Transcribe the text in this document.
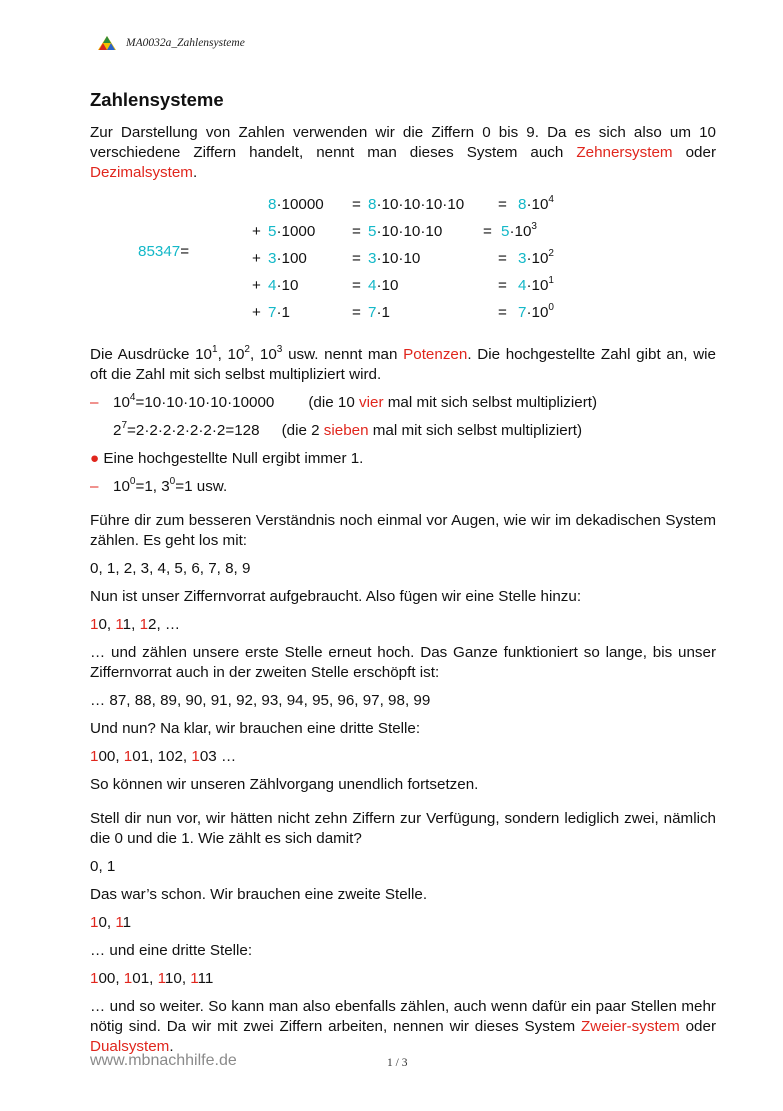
MA0032a_Zahlensysteme
Zahlensysteme

Zur Darstellung von Zahlen verwenden wir die Ziffern 0 bis 9. Da es sich also um 10 verschiedene Ziffern handelt, nennt man dieses System auch Zehnersystem oder Dezimalsystem.

85347=
$8\cdot 10000 = 8\cdot 10\cdot 10\cdot 10\cdot 10 = 8\cdot 10^4$
+ 5·1000 = 5·10·10·10	= $5\cdot 10^3$
+ 3·100	= 3·10·10	= $3\cdot 10^2$
+ 4·10	= 4·10	= $4\cdot 10^1$
+ 7·1	= 7·1	= $7\cdot 10^0$

Die Ausdrücke $10^1$, $10^2$, $10^3$ usw. nennt man Potenzen. Die hochgestellte Zahl gibt an, wie oft die Zahl mit sich selbst multipliziert wird.

– $10^4=10\cdot 10\cdot 10\cdot 10\cdot 10000$ (die 10 vier mal mit sich selbst multipliziert)

$2^7=2\cdot 2\cdot 2\cdot 2\cdot 2\cdot 2\cdot 2=128$ (die 2 sieben mal mit sich selbst multipliziert)

● Eine hochgestellte Null ergibt immer 1.

– $10^0=1$, $3^0=1$ usw.

Führe dir zum besseren Verständnis noch einmal vor Augen, wie wir im dekadischen System zählen. Es geht los mit:

0, 1, 2, 3, 4, 5, 6, 7, 8, 9

Nun ist unser Ziffernvorrat aufgebraucht. Also fügen wir eine Stelle hinzu:

10, 11, 12, …

… und zählen unsere erste Stelle erneut hoch. Das Ganze funktioniert so lange, bis unser Ziffernvorrat auch in der zweiten Stelle erschöpft ist:

… 87, 88, 89, 90, 91, 92, 93, 94, 95, 96, 97, 98, 99

Und nun? Na klar, wir brauchen eine dritte Stelle:

100, 101, 102, 103 …

So können wir unseren Zählvorgang unendlich fortsetzen.

Stell dir nun vor, wir hätten nicht zehn Ziffern zur Verfügung, sondern lediglich zwei, nämlich die 0 und die 1. Wie zählt es sich damit?

0, 1

Das war’s schon. Wir brauchen eine zweite Stelle.

10, 11

… und eine dritte Stelle:

100, 101, 110, 111

… und so weiter. So kann man also ebenfalls zählen, auch wenn dafür ein paar Stellen mehr nötig sind. Da wir mit zwei Ziffern arbeiten, nennen wir dieses System Zweier-system oder Dualsystem.

www.mbnachhilfe.de	1 / 3
